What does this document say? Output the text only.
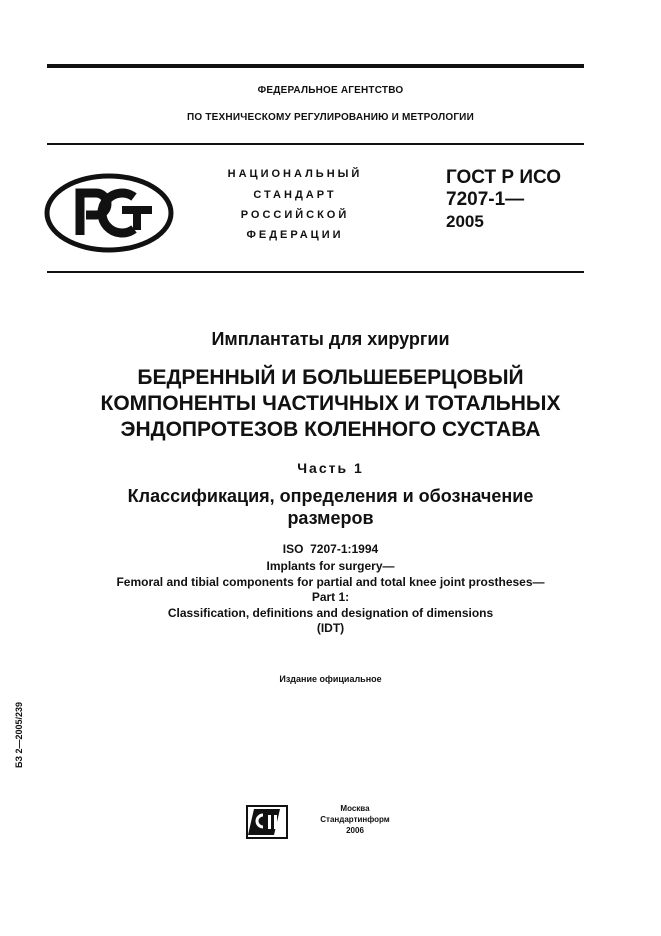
ФЕДЕРАЛЬНОЕ АГЕНТСТВО
ПО ТЕХНИЧЕСКОМУ РЕГУЛИРОВАНИЮ И МЕТРОЛОГИИ
НАЦИОНАЛЬНЫЙ
СТАНДАРТ
РОССИЙСКОЙ
ФЕДЕРАЦИИ
ГОСТ Р ИСО
7207-1—
2005
Имплантаты для хирургии
БЕДРЕННЫЙ И БОЛЬШЕБЕРЦОВЫЙ
КОМПОНЕНТЫ ЧАСТИЧНЫХ И ТОТАЛЬНЫХ
ЭНДОПРОТЕЗОВ КОЛЕННОГО СУСТАВА
Часть 1
Классификация, определения и обозначение
размеров
ISO  7207-1:1994
Implants for surgery—
Femoral and tibial components for partial and total knee joint prostheses—
Part 1:
Classification, definitions and designation of dimensions
(IDT)
Издание официальное
БЗ 2—2005/239
Москва
Стандартинформ
2006
